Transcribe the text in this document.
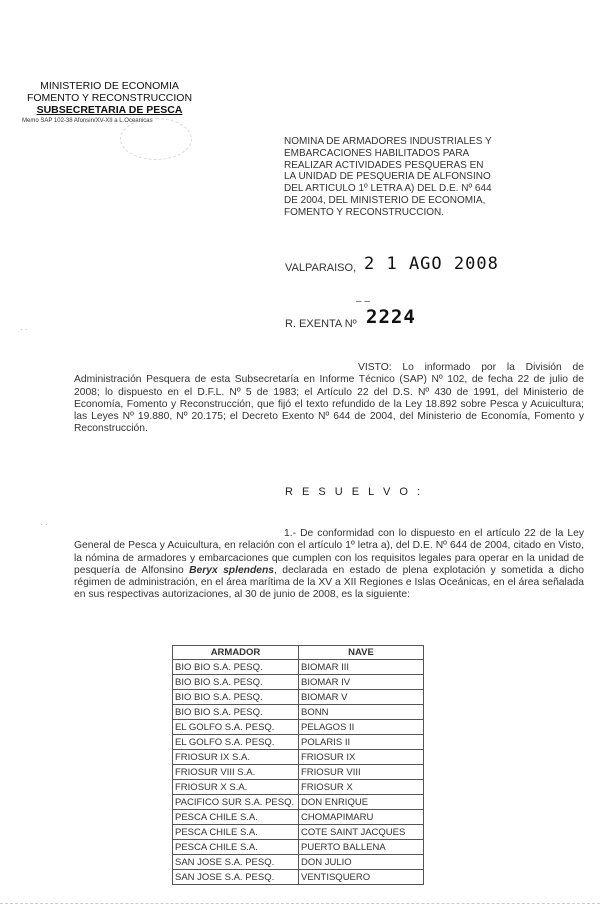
MINISTERIO DE ECONOMIA
FOMENTO Y RECONSTRUCCION
SUBSECRETARIA DE PESCA
Memo SAP 102-38 Afonsin/XV-XII a L.Oceanicas
NOMINA DE ARMADORES INDUSTRIALES Y
EMBARCACIONES HABILITADOS PARA
REALIZAR ACTIVIDADES PESQUERAS EN
LA UNIDAD DE PESQUERIA DE ALFONSINO
DEL ARTICULO 1º LETRA A) DEL D.E. Nº 644
DE 2004, DEL MINISTERIO DE ECONOMIA,
FOMENTO Y RECONSTRUCCION.
VALPARAISO, 2 1 AGO 2008
– –
R. EXENTA Nº 2224
VISTO: Lo informado por la División de Administración Pesquera de esta Subsecretaría en Informe Técnico (SAP) Nº 102, de fecha 22 de julio de 2008; lo dispuesto en el D.F.L. Nº 5 de 1983; el Artículo 22 del D.S. Nº 430 de 1991, del Ministerio de Economía, Fomento y Reconstrucción, que fijó el texto refundido de la Ley 18.892 sobre Pesca y Acuicultura; las Leyes Nº 19.880, Nº 20.175; el Decreto Exento Nº 644 de 2004, del Ministerio de Economía, Fomento y Reconstrucción.
R E S U E L V O :
1.- De conformidad con lo dispuesto en el artículo 22 de la Ley General de Pesca y Acuicultura, en relación con el artículo 1º letra a), del D.E. Nº 644 de 2004, citado en Visto, la nómina de armadores y embarcaciones que cumplen con los requisitos legales para operar en la unidad de pesquería de Alfonsino Beryx splendens, declarada en estado de plena explotación y sometida a dicho régimen de administración, en el área marítima de la XV a XII Regiones e Islas Oceánicas, en el área señalada en sus respectivas autorizaciones, al 30 de junio de 2008, es la siguiente:
ARMADOR	NAVE
BIO BIO S.A. PESQ.	BIOMAR III
BIO BIO S.A. PESQ.	BIOMAR IV
BIO BIO S.A. PESQ.	BIOMAR V
BIO BIO S.A. PESQ.	BONN
EL GOLFO S.A. PESQ.	PELAGOS II
EL GOLFO S.A. PESQ.	POLARIS II
FRIOSUR IX S.A.	FRIOSUR IX
FRIOSUR VIII S.A.	FRIOSUR VIII
FRIOSUR X S.A.	FRIOSUR X
PACIFICO SUR S.A. PESQ.	DON ENRIQUE
PESCA CHILE S.A.	CHOMAPIMARU
PESCA CHILE S.A.	COTE SAINT JACQUES
PESCA CHILE S.A.	PUERTO BALLENA
SAN JOSE S.A. PESQ.	DON JULIO
SAN JOSE S.A. PESQ.	VENTISQUERO
· ·
· ·
